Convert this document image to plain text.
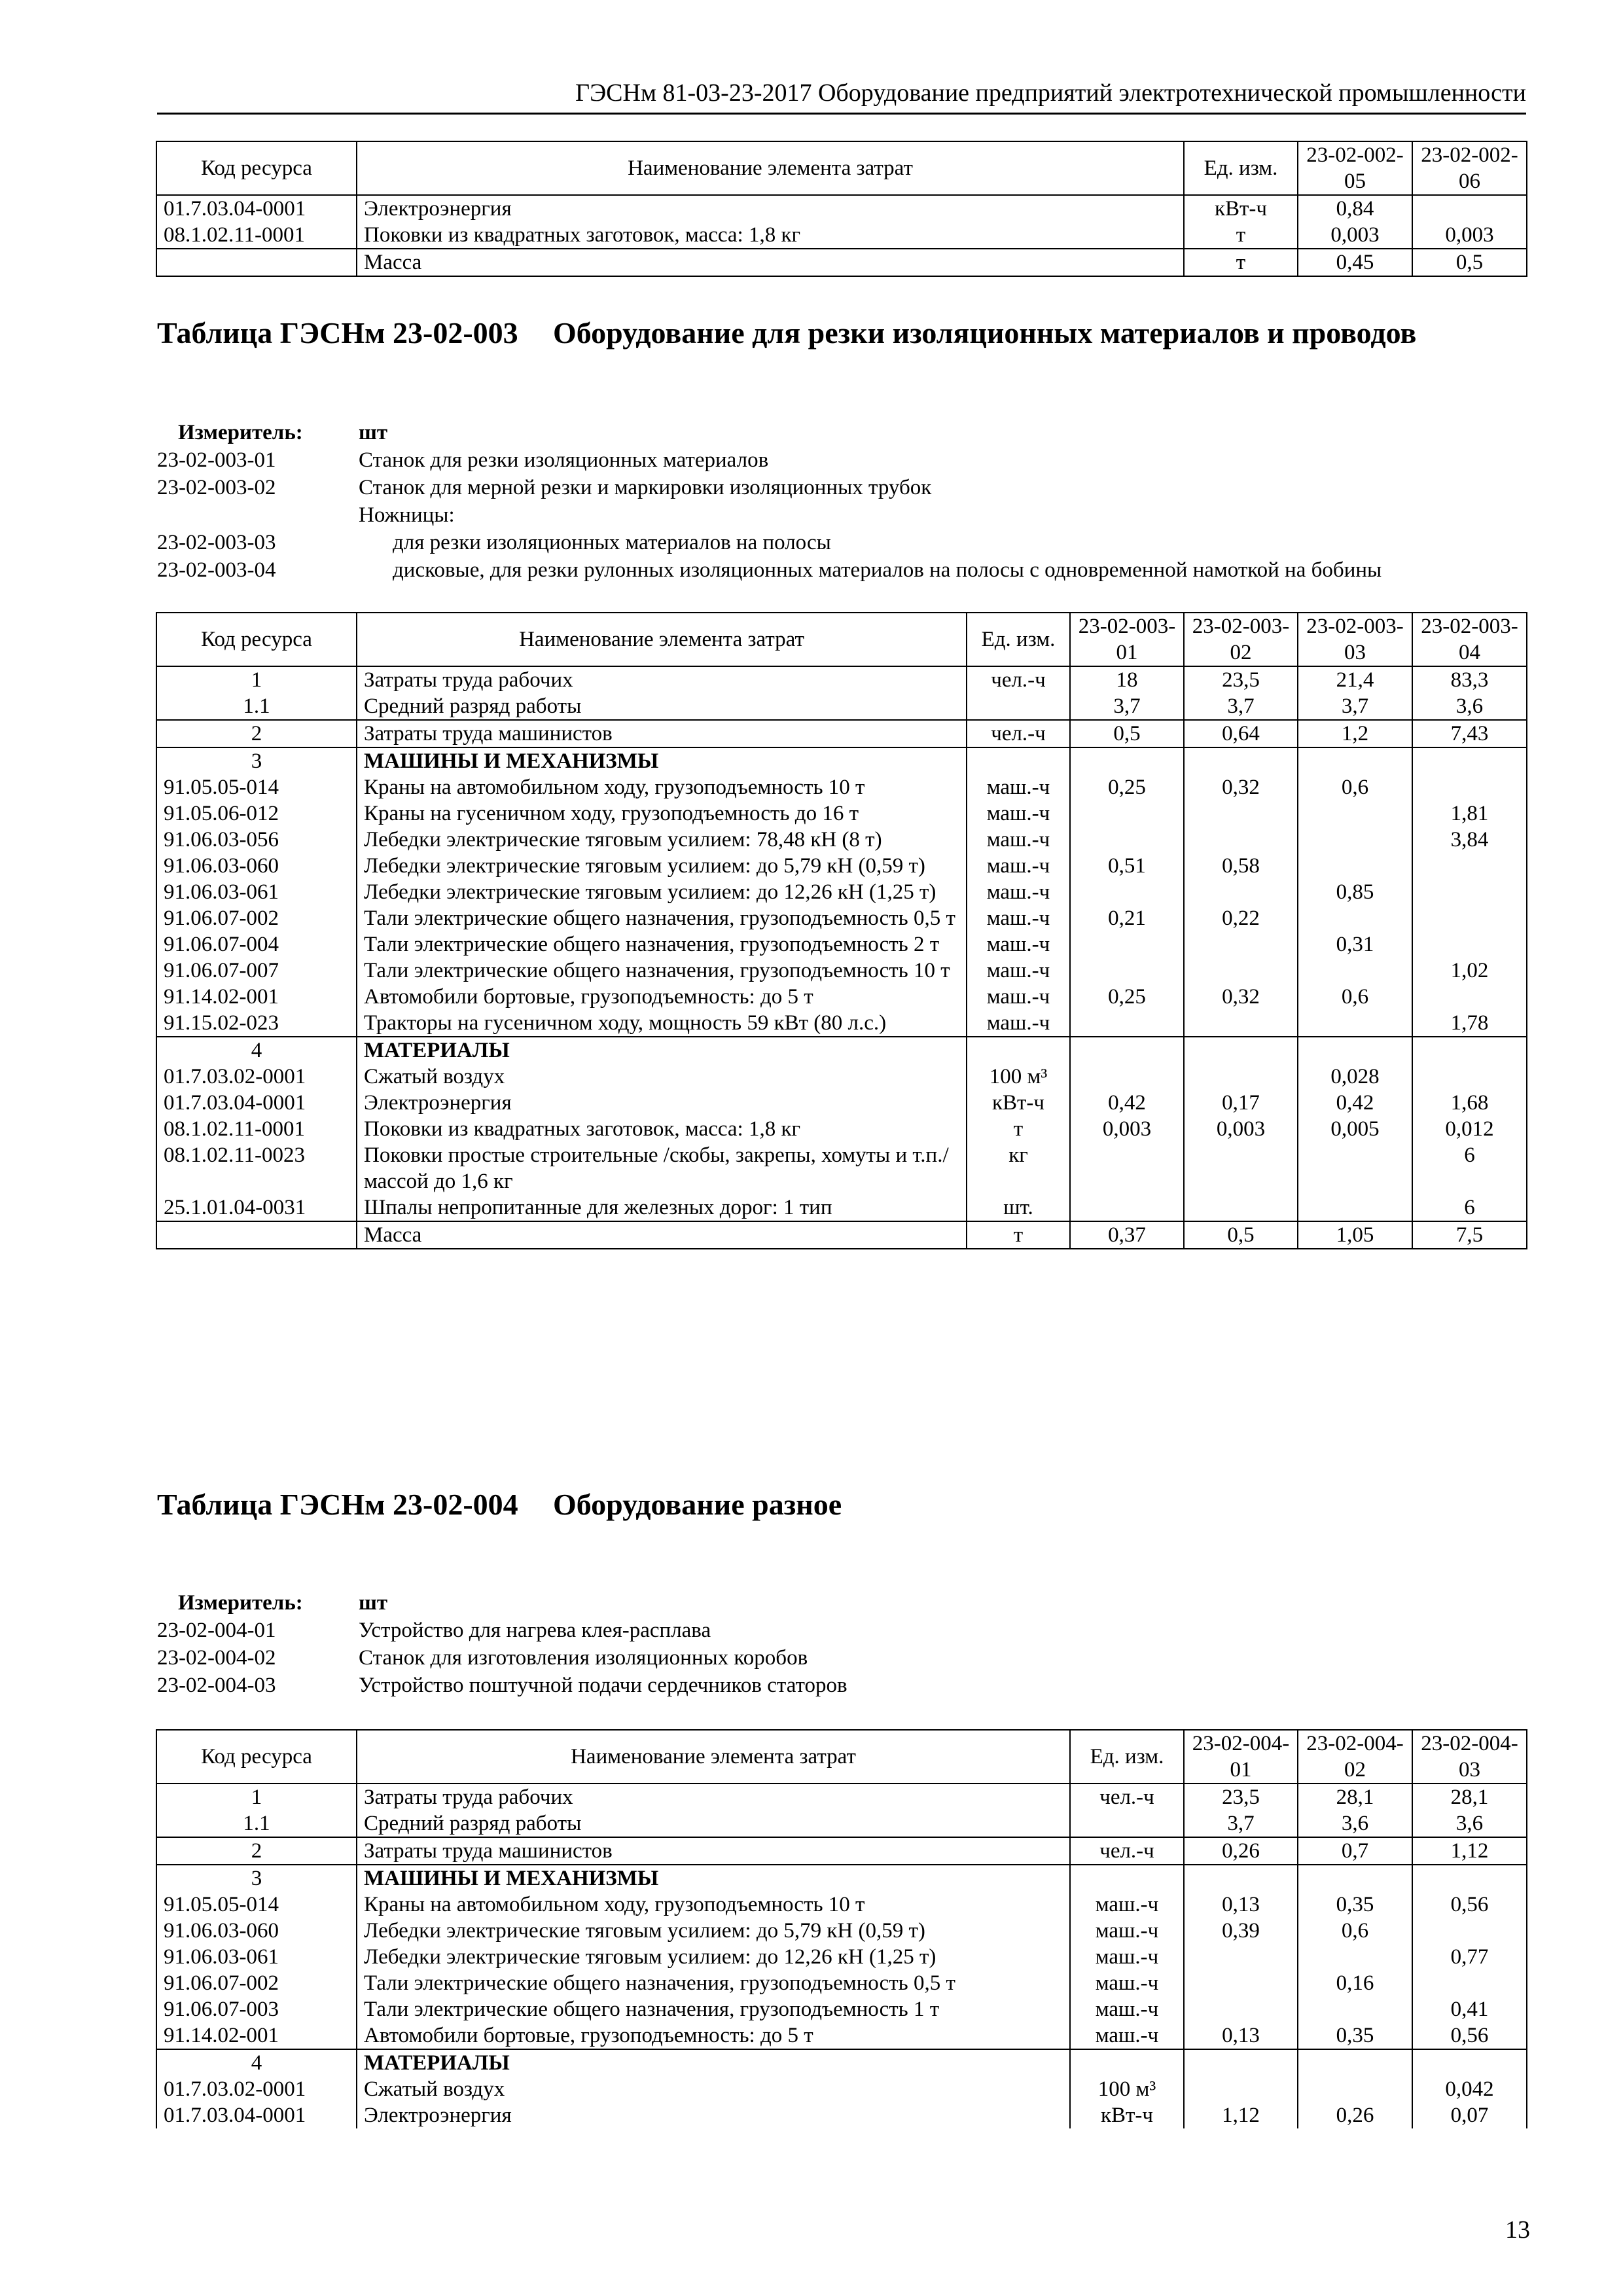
ГЭСНм 81-03-23-2017 Оборудование предприятий электротехнической промышленности
Код ресурса	Наименование элемента затрат	Ед. изм.	23-02-002-05	23-02-002-06
01.7.03.04-0001	Электроэнергия	кВт-ч	0,84	
08.1.02.11-0001	Поковки из квадратных заготовок, масса: 1,8 кг	т	0,003	0,003
	Масса	т	0,45	0,5
Таблица ГЭСНм 23-02-003 Оборудование для резки изоляционных материалов и проводов
Измеритель:	шт
23-02-003-01	Станок для резки изоляционных материалов
23-02-003-02	Станок для мерной резки и маркировки изоляционных трубок
Ножницы:
23-02-003-03	для резки изоляционных материалов на полосы
23-02-003-04	дисковые, для резки рулонных изоляционных материалов на полосы с одновременной намоткой на бобины
Код ресурса	Наименование элемента затрат	Ед. изм.	23-02-003-01	23-02-003-02	23-02-003-03	23-02-003-04
1	Затраты труда рабочих	чел.-ч	18	23,5	21,4	83,3
1.1	Средний разряд работы		3,7	3,7	3,7	3,6
2	Затраты труда машинистов	чел.-ч	0,5	0,64	1,2	7,43
3	МАШИНЫ И МЕХАНИЗМЫ					
91.05.05-014	Краны на автомобильном ходу, грузоподъемность 10 т	маш.-ч	0,25	0,32	0,6	
91.05.06-012	Краны на гусеничном ходу, грузоподъемность до 16 т	маш.-ч				1,81
91.06.03-056	Лебедки электрические тяговым усилием: 78,48 кН (8 т)	маш.-ч				3,84
91.06.03-060	Лебедки электрические тяговым усилием: до 5,79 кН (0,59 т)	маш.-ч	0,51	0,58		
91.06.03-061	Лебедки электрические тяговым усилием: до 12,26 кН (1,25 т)	маш.-ч			0,85	
91.06.07-002	Тали электрические общего назначения, грузоподъемность 0,5 т	маш.-ч	0,21	0,22		
91.06.07-004	Тали электрические общего назначения, грузоподъемность 2 т	маш.-ч			0,31	
91.06.07-007	Тали электрические общего назначения, грузоподъемность 10 т	маш.-ч				1,02
91.14.02-001	Автомобили бортовые, грузоподъемность: до 5 т	маш.-ч	0,25	0,32	0,6	
91.15.02-023	Тракторы на гусеничном ходу, мощность 59 кВт (80 л.с.)	маш.-ч				1,78
4	МАТЕРИАЛЫ					
01.7.03.02-0001	Сжатый воздух	100 м³			0,028	
01.7.03.04-0001	Электроэнергия	кВт-ч	0,42	0,17	0,42	1,68
08.1.02.11-0001	Поковки из квадратных заготовок, масса: 1,8 кг	т	0,003	0,003	0,005	0,012
08.1.02.11-0023	Поковки простые строительные /скобы, закрепы, хомуты и т.п./ массой до 1,6 кг	кг				6
25.1.01.04-0031	Шпалы непропитанные для железных дорог: 1 тип	шт.				6
	Масса	т	0,37	0,5	1,05	7,5
Таблица ГЭСНм 23-02-004 Оборудование разное
Измеритель:	шт
23-02-004-01	Устройство для нагрева клея-расплава
23-02-004-02	Станок для изготовления изоляционных коробов
23-02-004-03	Устройство поштучной подачи сердечников статоров
Код ресурса	Наименование элемента затрат	Ед. изм.	23-02-004-01	23-02-004-02	23-02-004-03
1	Затраты труда рабочих	чел.-ч	23,5	28,1	28,1
1.1	Средний разряд работы		3,7	3,6	3,6
2	Затраты труда машинистов	чел.-ч	0,26	0,7	1,12
3	МАШИНЫ И МЕХАНИЗМЫ				
91.05.05-014	Краны на автомобильном ходу, грузоподъемность 10 т	маш.-ч	0,13	0,35	0,56
91.06.03-060	Лебедки электрические тяговым усилием: до 5,79 кН (0,59 т)	маш.-ч	0,39	0,6	
91.06.03-061	Лебедки электрические тяговым усилием: до 12,26 кН (1,25 т)	маш.-ч			0,77
91.06.07-002	Тали электрические общего назначения, грузоподъемность 0,5 т	маш.-ч		0,16	
91.06.07-003	Тали электрические общего назначения, грузоподъемность 1 т	маш.-ч			0,41
91.14.02-001	Автомобили бортовые, грузоподъемность: до 5 т	маш.-ч	0,13	0,35	0,56
4	МАТЕРИАЛЫ				
01.7.03.02-0001	Сжатый воздух	100 м³			0,042
01.7.03.04-0001	Электроэнергия	кВт-ч	1,12	0,26	0,07
13
